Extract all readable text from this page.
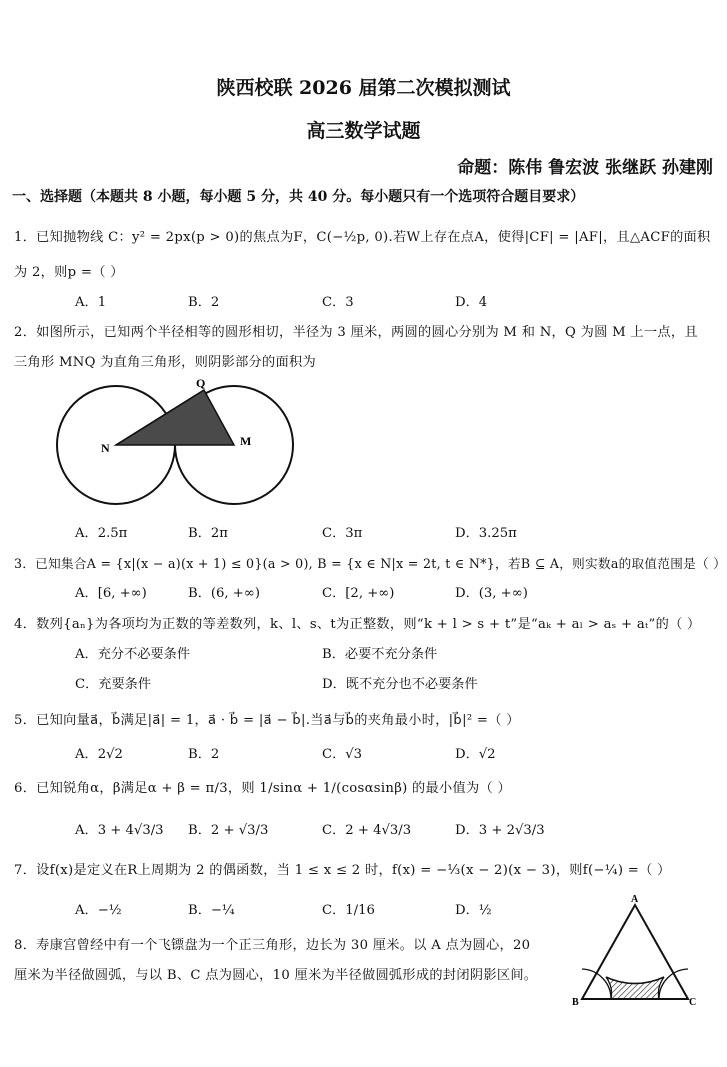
陕西校联 2026 届第二次模拟测试
高三数学试题
命题：陈伟 鲁宏波 张继跃 孙建刚
一、选择题（本题共 8 小题，每小题 5 分，共 40 分。每小题只有一个选项符合题目要求）
1．已知抛物线 C：y² = 2px(p > 0)的焦点为F，C(−½p, 0).若W上存在点A，使得|CF| = |AF|，且△ACF的面积
为 2，则p =（ ）
A．1	B．2	C．3	D．4
2．如图所示，已知两个半径相等的圆形相切，半径为 3 厘米，两圆的圆心分别为 M 和 N，Q 为圆 M 上一点，且
三角形 MNQ 为直角三角形，则阴影部分的面积为
Q
N	M
A．2.5π	B．2π	C．3π	D．3.25π
3．已知集合A = {x|(x − a)(x + 1) ≤ 0}(a > 0), B = {x ∈ N|x = 2t, t ∈ N*}，若B ⊆ A，则实数a的取值范围是（ ）
A．[6, +∞)	B．(6, +∞)	C．[2, +∞)	D．(3, +∞)
4．数列{aₙ}为各项均为正数的等差数列，k、l、s、t为正整数，则“k + l > s + t”是“aₖ + aₗ > aₛ + aₜ”的（ ）
A．充分不必要条件	B．必要不充分条件
C．充要条件	D．既不充分也不必要条件
5．已知向量a⃗，b⃗满足|a⃗| = 1，a⃗ · b⃗ = |a⃗ − b⃗|.当a⃗与b⃗的夹角最小时，|b⃗|² =（ ）
A．2√2	B．2	C．√3	D．√2
6．已知锐角α，β满足α + β = π/3，则 1/sinα + 1/(cosαsinβ) 的最小值为（ ）
A．3 + 4√3/3 B．2 + √3/3	C．2 + 4√3/3	D．3 + 2√3/3
7．设f(x)是定义在R上周期为 2 的偶函数，当 1 ≤ x ≤ 2 时，f(x) = −⅓(x − 2)(x − 3)，则f(−¼) =（ ）
A．−½	B．−¼	C．1/16	D．½
8．寿康宫曾经中有一个飞镖盘为一个正三角形，边长为 30 厘米。以 A 点为圆心，20
厘米为半径做圆弧，与以 B、C 点为圆心，10 厘米为半径做圆弧形成的封闭阴影区间。
A
B	C
